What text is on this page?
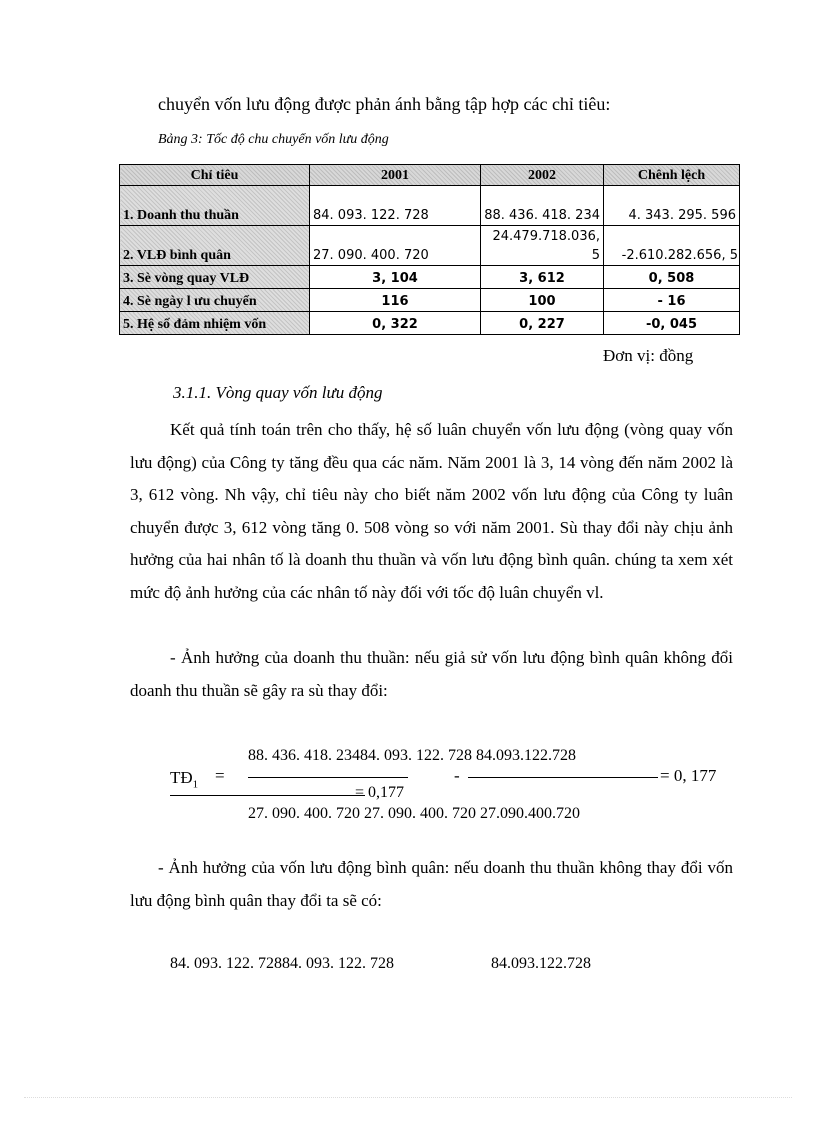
chuyển vốn lưu động được phản ánh bằng tập hợp các chỉ tiêu:
Bảng 3: Tốc độ chu chuyển vốn lưu động
Chỉ tiêu	2001	2002	Chênh lệch
1. Doanh thu thuần	84. 093. 122. 728	88. 436. 418. 234	4. 343. 295. 596
2. VLĐ bình quân	27. 090. 400. 720	24.479.718.036, 5	-2.610.282.656, 5
3. Sè vòng quay VLĐ	3, 104	3, 612	0, 508
4. Sè ngày l ưu chuyển	116	100	- 16
5. Hệ số đảm nhiệm vốn	0, 322	0, 227	-0, 045
Đơn vị: đồng
3.1.1. Vòng quay vốn lưu động

Kết quả tính toán trên cho thấy, hệ số luân chuyển vốn lưu động (vòng quay vốn lưu động) của Công ty tăng đều qua các năm. Năm 2001 là 3, 14 vòng đến năm 2002 là 3, 612 vòng. Nh vậy, chỉ tiêu này cho biết năm 2002 vốn lưu động của Công ty luân chuyển được 3, 612 vòng tăng 0. 508 vòng so với năm 2001. Sù thay đổi này chịu ảnh hưởng của hai nhân tố là doanh thu thuần và vốn lưu động bình quân. chúng ta xem xét mức độ ảnh hưởng của các nhân tố này đối với tốc độ luân chuyển vl.

- Ảnh hưởng của doanh thu thuần: nếu giả sử vốn lưu động bình quân không đổi doanh thu thuần sẽ gây ra sù thay đổi:

$TĐ_1$ =
88. 436. 418. 23484. 093. 122. 728 84.093.122.728
-	= 0, 177
= 0,177
27. 090. 400. 720 27. 090. 400. 720 27.090.400.720

- Ảnh hưởng của vốn lưu động bình quân: nếu doanh thu thuần không thay đổi vốn lưu động bình quân thay đổi ta sẽ có:

84. 093. 122. 72884. 093. 122. 728	84.093.122.728
